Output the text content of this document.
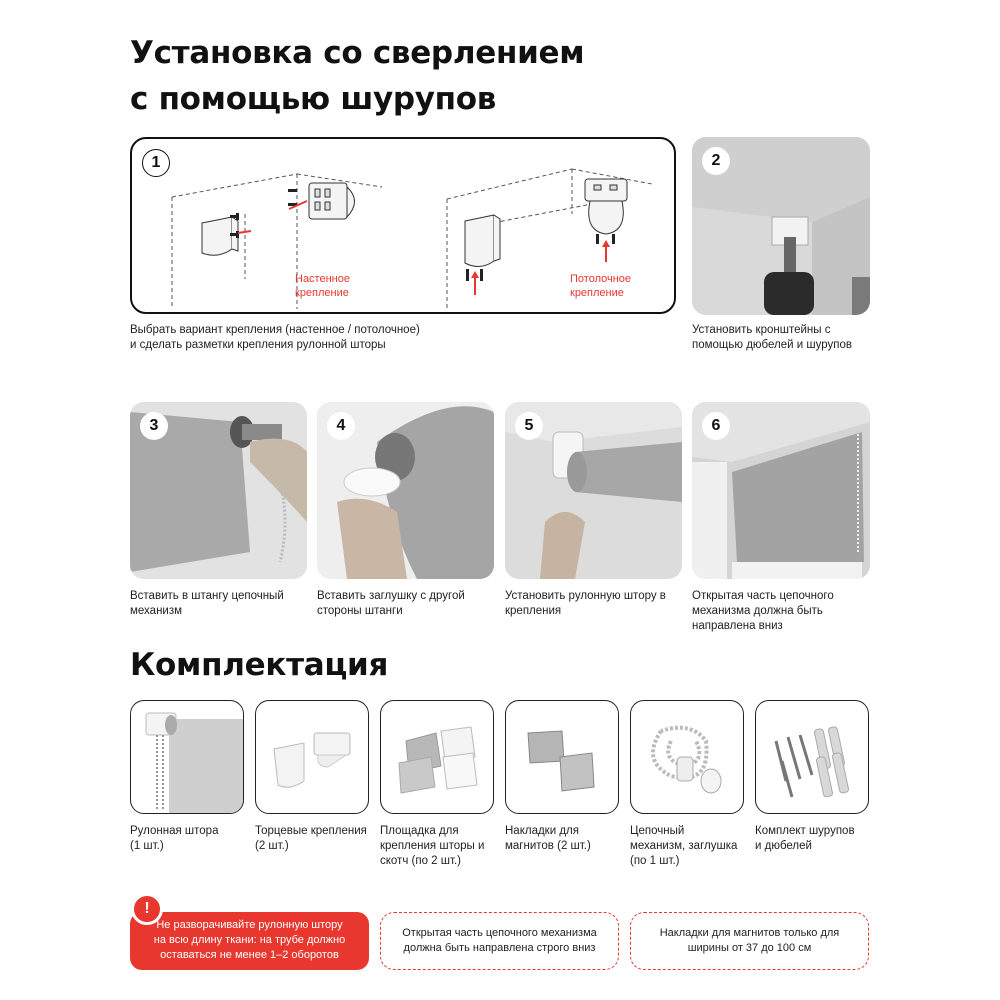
Установка со сверлением
с помощью шурупов
1
Настенное
крепление
Потолочное
крепление
Выбрать вариант крепления (настенное / потолочное)
и сделать разметки крепления рулонной шторы
2
Установить кронштейны с
помощью дюбелей и шурупов
3
Вставить в штангу цепочный
механизм
4
Вставить заглушку с другой
стороны штанги
5
Установить рулонную штору в
крепления
6
Открытая часть цепочного
механизма должна быть
направлена вниз
Комплектация
Рулонная штора
(1 шт.)
Торцевые крепления
(2 шт.)
Площадка для
крепления шторы и
скотч (по 2 шт.)
Накладки для
магнитов (2 шт.)
Цепочный
механизм, заглушка
(по 1 шт.)
Комплект шурупов
и дюбелей
Не разворачивайте рулонную штору
на всю длину ткани: на трубе должно
оставаться не менее 1–2 оборотов
!
Открытая часть цепочного механизма
должна быть направлена строго вниз
Накладки для магнитов только для
ширины от 37 до 100 см
